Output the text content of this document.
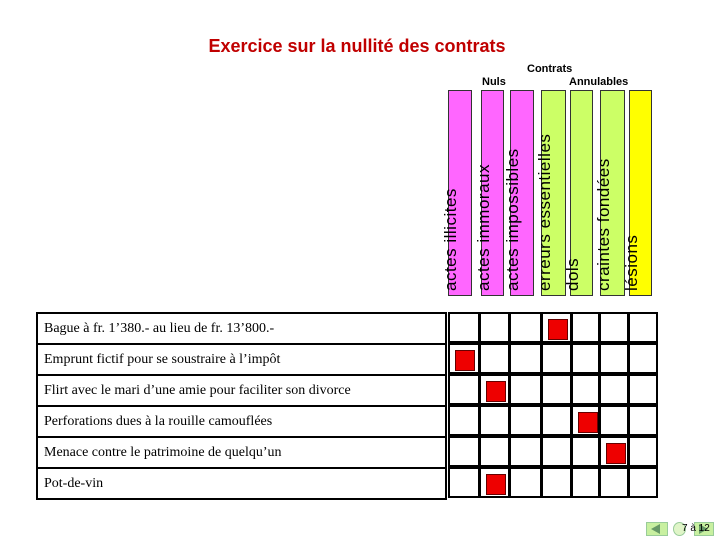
Exercice sur la nullité des contrats
Contrats
Nuls	Annulables
actes illicites actes immoraux actes impossibles erreurs essentielles dols craintes fondées lésions
Bague à fr. 1’380.- au lieu de fr. 13’800.-
Emprunt fictif pour se soustraire à l’impôt
Flirt avec le mari d’une amie pour faciliter son divorce
Perforations dues à la rouille camouflées
Menace contre le patrimoine de quelqu’un
Pot-de-vin
7 à 12
